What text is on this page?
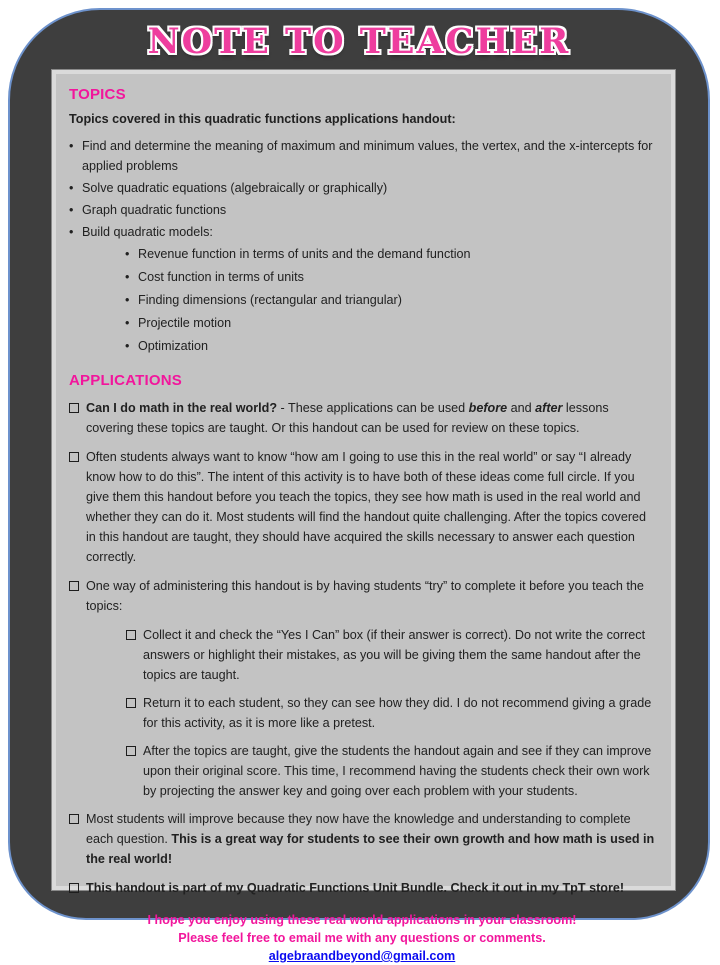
NOTE TO TEACHER
TOPICS

Topics covered in this quadratic functions applications handout:

• Find and determine the meaning of maximum and minimum values, the vertex, and the x-intercepts for applied problems
• Solve quadratic equations (algebraically or graphically)
• Graph quadratic functions
• Build quadratic models:
• Revenue function in terms of units and the demand function
• Cost function in terms of units
• Finding dimensions (rectangular and triangular)
• Projectile motion
• Optimization
APPLICATIONS
Can I do math in the real world? - These applications can be used before and after lessons covering these topics are taught. Or this handout can be used for review on these topics.
Often students always want to know “how am I going to use this in the real world” or say “I already know how to do this”. The intent of this activity is to have both of these ideas come full circle. If you give them this handout before you teach the topics, they see how math is used in the real world and whether they can do it. Most students will find the handout quite challenging. After the topics covered in this handout are taught, they should have acquired the skills necessary to answer each question correctly.
One way of administering this handout is by having students “try” to complete it before you teach the topics:
Collect it and check the “Yes I Can” box (if their answer is correct). Do not write the correct answers or highlight their mistakes, as you will be giving them the same handout after the topics are taught.
Return it to each student, so they can see how they did. I do not recommend giving a grade for this activity, as it is more like a pretest.
After the topics are taught, give the students the handout again and see if they can improve upon their original score. This time, I recommend having the students check their own work by projecting the answer key and going over each problem with your students.
Most students will improve because they now have the knowledge and understanding to complete each question. This is a great way for students to see their own growth and how math is used in the real world!
This handout is part of my Quadratic Functions Unit Bundle. Check it out in my TpT store!
I hope you enjoy using these real world applications in your classroom!
Please feel free to email me with any questions or comments.
algebraandbeyond@gmail.com
